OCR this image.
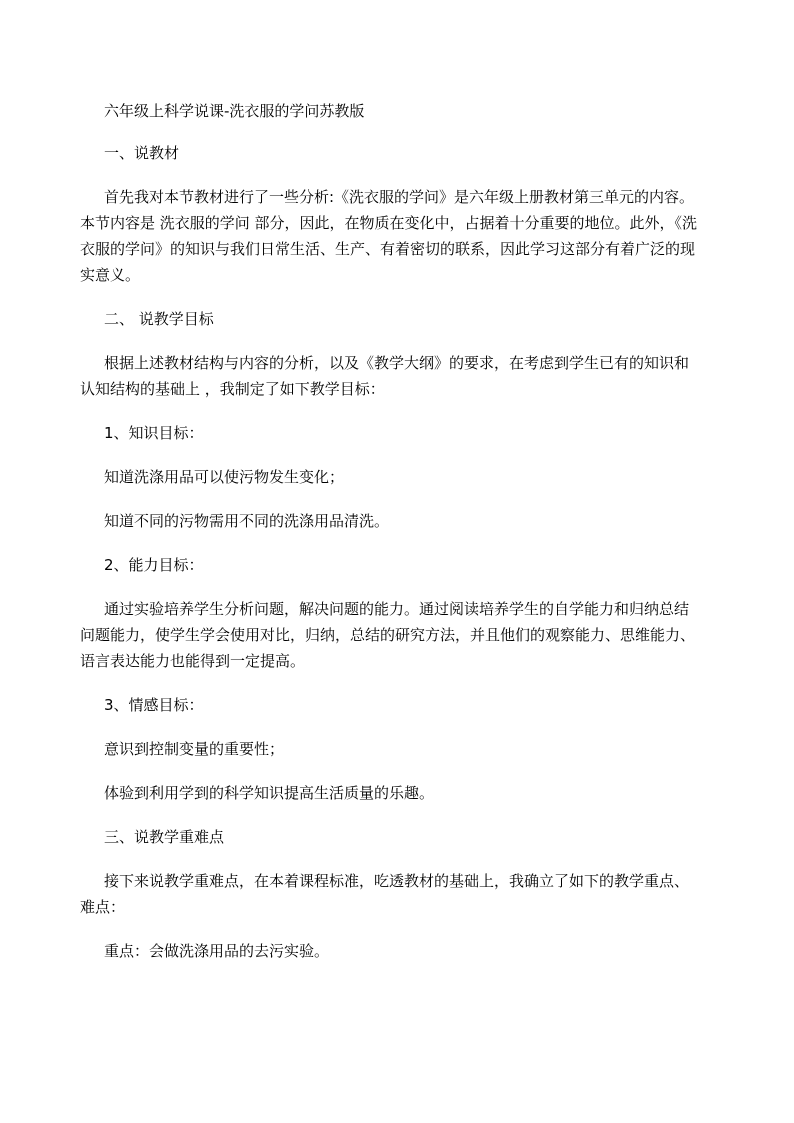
六年级上科学说课-洗衣服的学问苏教版

一、说教材

首先我对本节教材进行了一些分析:《洗衣服的学问》是六年级上册教材第三单元的内容。
本节内容是 洗衣服的学问 部分，因此，在物质在变化中，占据着十分重要的地位。此外，《洗
衣服的学问》的知识与我们日常生活、生产、有着密切的联系，因此学习这部分有着广泛的现
实意义。

二、 说教学目标

根据上述教材结构与内容的分析，以及《教学大纲》的要求，在考虑到学生已有的知识和
认知结构的基础上 ，我制定了如下教学目标：

1、知识目标：

知道洗涤用品可以使污物发生变化；

知道不同的污物需用不同的洗涤用品清洗。

2、能力目标：

通过实验培养学生分析问题，解决问题的能力。通过阅读培养学生的自学能力和归纳总结
问题能力，使学生学会使用对比，归纳，总结的研究方法，并且他们的观察能力、思维能力、
语言表达能力也能得到一定提高。

3、情感目标：

意识到控制变量的重要性；

体验到利用学到的科学知识提高生活质量的乐趣。

三、说教学重难点

接下来说教学重难点，在本着课程标准，吃透教材的基础上，我确立了如下的教学重点、
难点：

重点：会做洗涤用品的去污实验。
